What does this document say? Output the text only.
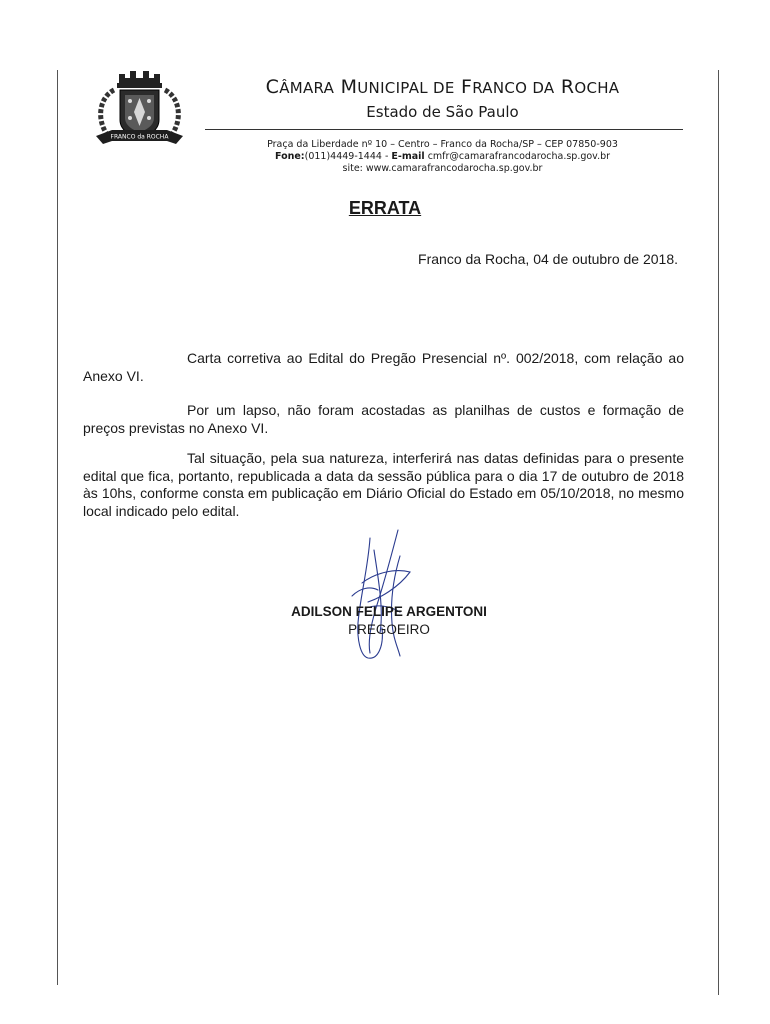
FRANCO da ROCHA
CÂMARA MUNICIPAL DE FRANCO DA ROCHA
Estado de São Paulo
Praça da Liberdade nº 10 – Centro – Franco da Rocha/SP – CEP 07850-903
Fone:(011)4449-1444 - E-mail cmfr@camarafrancodarocha.sp.gov.br
site: www.camarafrancodarocha.sp.gov.br
ERRATA
Franco da Rocha, 04 de outubro de 2018.

Carta corretiva ao Edital do Pregão Presencial nº. 002/2018, com relação ao Anexo VI.

Por um lapso, não foram acostadas as planilhas de custos e formação de preços previstas no Anexo VI.

Tal situação, pela sua natureza, interferirá nas datas definidas para o presente edital que fica, portanto, republicada a data da sessão pública para o dia 17 de outubro de 2018 às 10hs, conforme consta em publicação em Diário Oficial do Estado em 05/10/2018, no mesmo local indicado pelo edital.

ADILSON FELIPE ARGENTONI
PREGOEIRO
